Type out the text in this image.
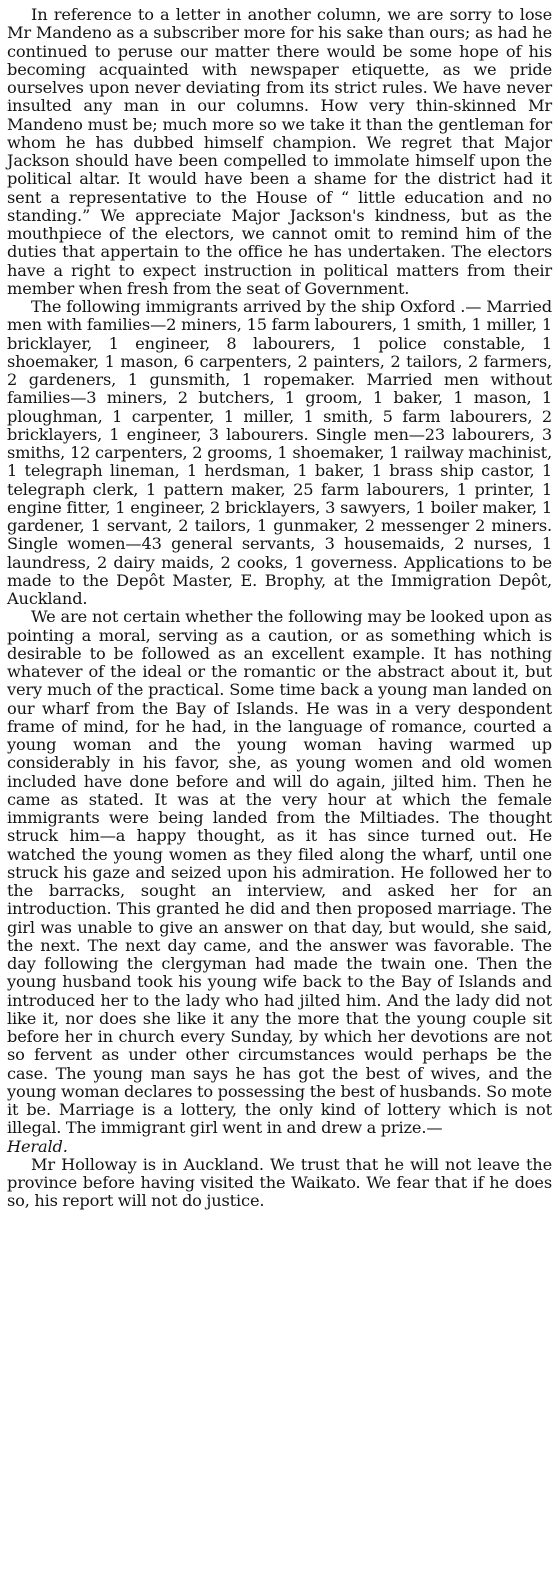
In reference to a letter in another column, we are sorry to lose Mr Mandeno as a subscriber more for his sake than ours; as had he continued to peruse our matter there would be some hope of his becoming acquainted with newspaper etiquette, as we pride ourselves upon never deviating from its strict rules. We have never insulted any man in our columns. How very thin-skinned Mr Mandeno must be; much more so we take it than the gentleman for whom he has dubbed himself champion. We regret that Major Jackson should have been compelled to immolate himself upon the political altar. It would have been a shame for the district had it sent a representative to the House of “ little education and no standing.” We appreciate Major Jackson's kindness, but as the mouthpiece of the electors, we cannot omit to remind him of the duties that appertain to the office he has undertaken. The electors have a right to expect instruction in political matters from their member when fresh from the seat of Government.

The following immigrants arrived by the ship Oxford .— Married men with families—2 miners, 15 farm labourers, 1 smith, 1 miller, 1 bricklayer, 1 engineer, 8 labourers, 1 police constable, 1 shoemaker, 1 mason, 6 carpenters, 2 painters, 2 tailors, 2 farmers, 2 gardeners, 1 gunsmith, 1 ropemaker. Married men without families—3 miners, 2 butchers, 1 groom, 1 baker, 1 mason, 1 ploughman, 1 carpenter, 1 miller, 1 smith, 5 farm labourers, 2 bricklayers, 1 engineer, 3 labourers. Single men—23 labourers, 3 smiths, 12 carpenters, 2 grooms, 1 shoemaker, 1 railway machinist, 1 telegraph lineman, 1 herdsman, 1 baker, 1 brass ship castor, 1 telegraph clerk, 1 pattern maker, 25 farm labourers, 1 printer, 1 engine fitter, 1 engineer, 2 bricklayers, 3 sawyers, 1 boiler maker, 1 gardener, 1 servant, 2 tailors, 1 gunmaker, 2 messenger 2 miners. Single women—43 general servants, 3 housemaids, 2 nurses, 1 laundress, 2 dairy maids, 2 cooks, 1 governess. Applications to be made to the Depôt Master, E. Brophy, at the Immigration Depôt, Auckland.

We are not certain whether the following may be looked upon as pointing a moral, serving as a caution, or as something which is desirable to be followed as an excellent example. It has nothing whatever of the ideal or the romantic or the abstract about it, but very much of the practical. Some time back a young man landed on our wharf from the Bay of Islands. He was in a very despondent frame of mind, for he had, in the language of romance, courted a young woman and the young woman having warmed up considerably in his favor, she, as young women and old women included have done before and will do again, jilted him. Then he came as stated. It was at the very hour at which the female immigrants were being landed from the Miltiades. The thought struck him—a happy thought, as it has since turned out. He watched the young women as they filed along the wharf, until one struck his gaze and seized upon his admiration. He followed her to the barracks, sought an interview, and asked her for an introduction. This granted he did and then proposed marriage. The girl was unable to give an answer on that day, but would, she said, the next. The next day came, and the answer was favorable. The day following the clergyman had made the twain one. Then the young husband took his young wife back to the Bay of Islands and introduced her to the lady who had jilted him. And the lady did not like it, nor does she like it any the more that the young couple sit before her in church every Sunday, by which her devotions are not so fervent as under other circumstances would perhaps be the case. The young man says he has got the best of wives, and the young woman declares to possessing the best of husbands. So mote it be. Marriage is a lottery, the only kind of lottery which is not illegal. The immigrant girl went in and drew a prize.—
Herald.

Mr Holloway is in Auckland. We trust that he will not leave the province before having visited the Waikato. We fear that if he does so, his report will not do justice.
